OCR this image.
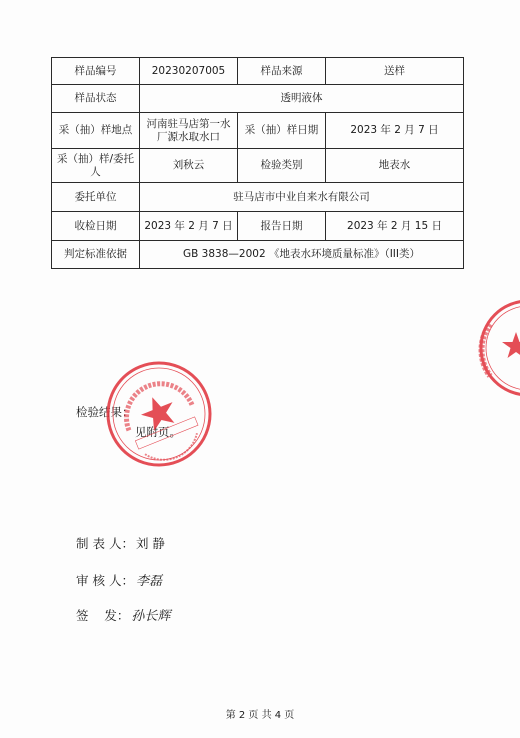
样品编号	20230207005	样品来源	送样
样品状态	透明液体		
采（抽）样地点	河南驻马店第一水厂源水取水口	采（抽）样日期	2023 年 2 月 7 日
采（抽）样/委托人	刘秋云	检验类别	地表水
委托单位	驻马店市中业自来水有限公司		
收检日期	2023 年 2 月 7 日	报告日期	2023 年 2 月 15 日
判定标准依据	GB 3838—2002 《地表水环境质量标准》（III类）		
检验结果：
见附页。
制 表 人： 刘 静
审 核 人： 李磊
签    发： 孙长辉
第 2 页 共 4 页
